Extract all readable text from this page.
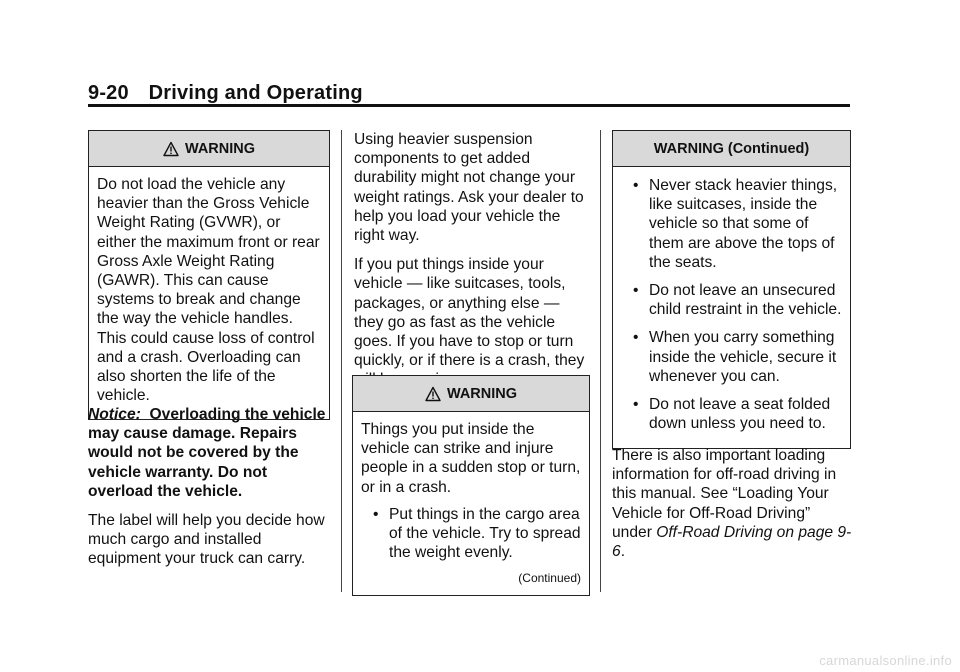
9-20 Driving and Operating
WARNING

Do not load the vehicle any heavier than the Gross Vehicle Weight Rating (GVWR), or either the maximum front or rear Gross Axle Weight Rating (GAWR). This can cause systems to break and change the way the vehicle handles. This could cause loss of control and a crash. Overloading can also shorten the life of the vehicle.

Notice: Overloading the vehicle may cause damage. Repairs would not be covered by the vehicle warranty. Do not overload the vehicle.

The label will help you decide how much cargo and installed equipment your truck can carry.

Using heavier suspension components to get added durability might not change your weight ratings. Ask your dealer to help you load your vehicle the right way.

If you put things inside your vehicle — like suitcases, tools, packages, or anything else — they go as fast as the vehicle goes. If you have to stop or turn quickly, or if there is a crash, they

WARNING

Things you put inside the vehicle can strike and injure people in a sudden stop or turn, or in a crash.

• Put things in the cargo area of the vehicle. Try to spread the weight evenly.
(Continued)
WARNING (Continued)
• Never stack heavier things, like suitcases, inside the vehicle so that some of them are above the tops of the seats.
• Do not leave an unsecured child restraint in the vehicle.
• When you carry something inside the vehicle, secure it whenever you can.
• Do not leave a seat folded down unless you need to.

There is also important loading information for off-road driving in this manual. See “Loading Your Vehicle for Off-Road Driving” under Off-Road Driving on page 9-6.

carmanualsonline.info
